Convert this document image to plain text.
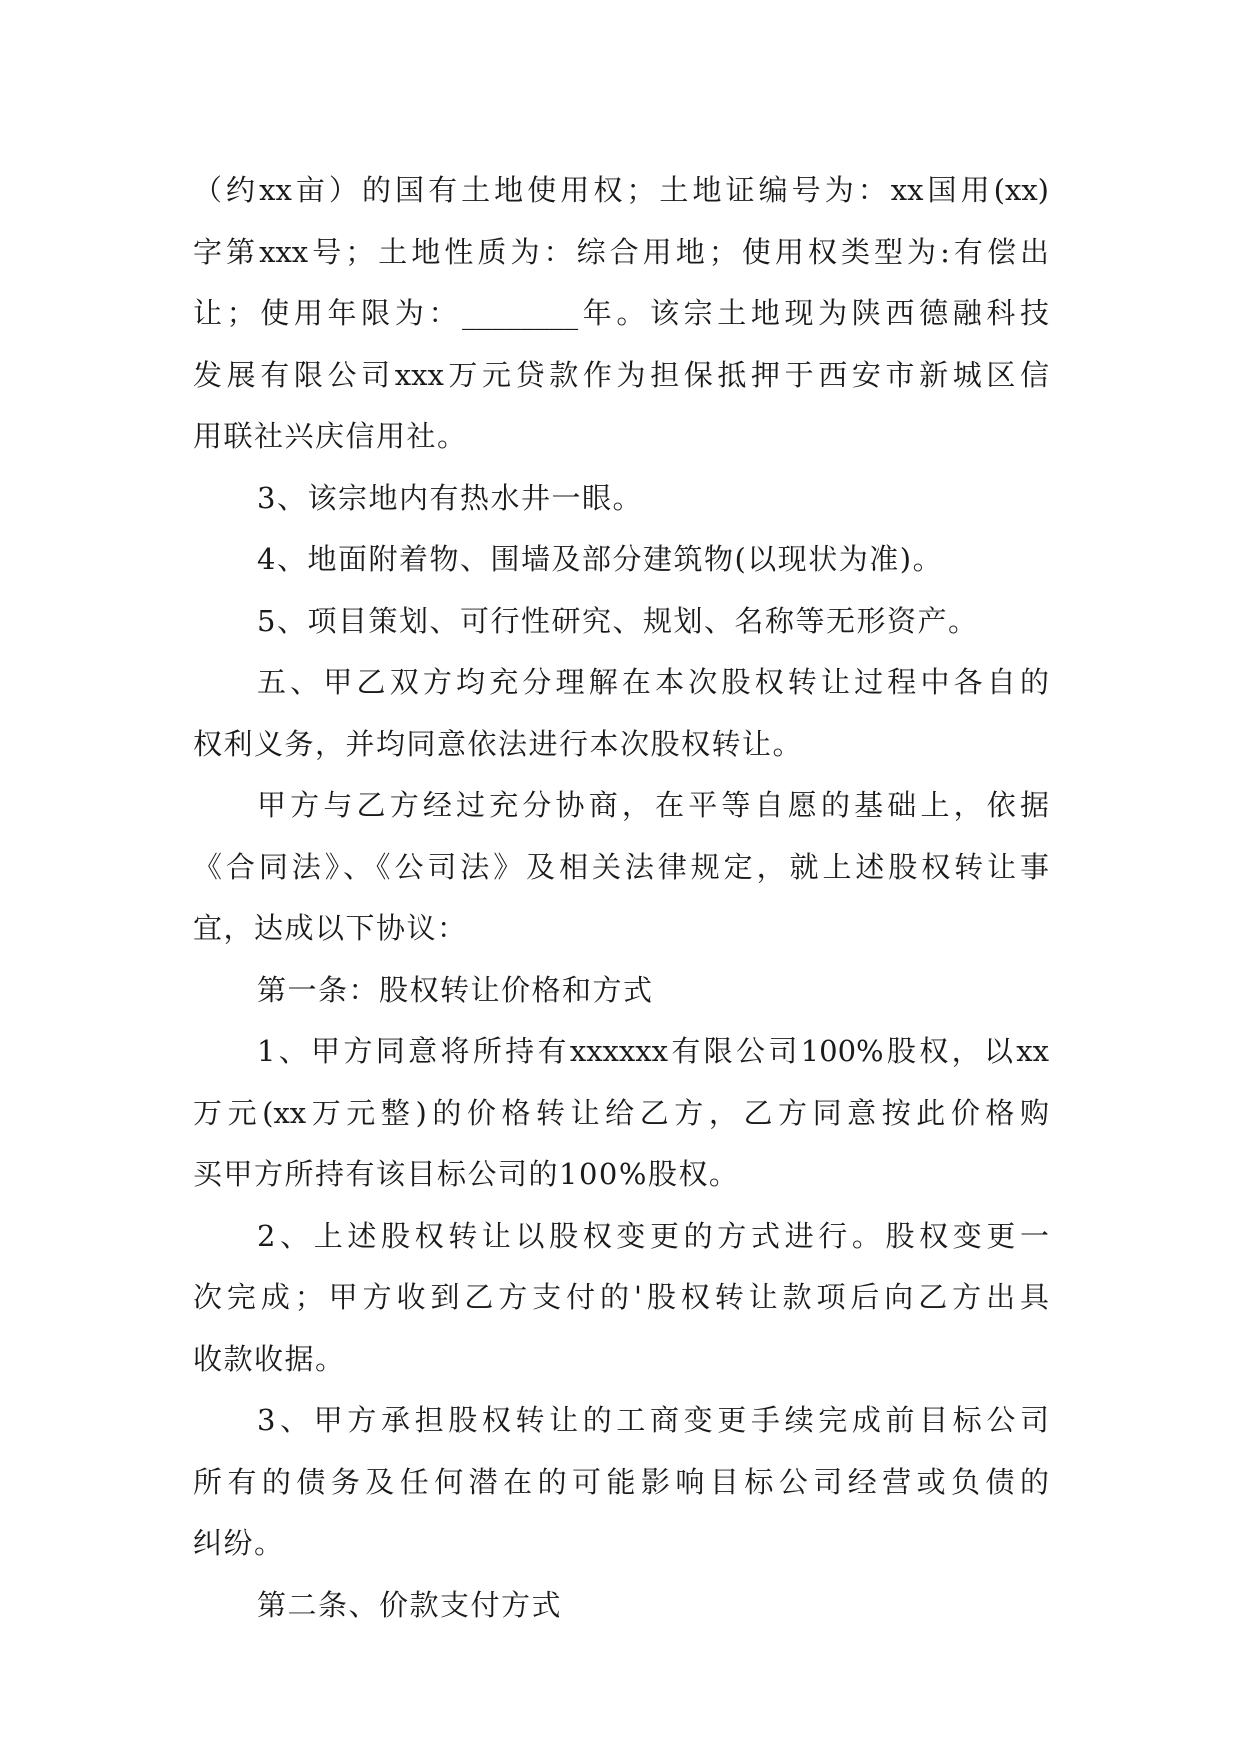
（约xx亩）的国有土地使用权；土地证编号为：xx国用(xx)
字第xxx号；土地性质为：综合用地；使用权类型为:有偿出
让；使用年限为：________年。该宗土地现为陕西德融科技
发展有限公司xxx万元贷款作为担保抵押于西安市新城区信
用联社兴庆信用社。
3、该宗地内有热水井一眼。
4、地面附着物、围墙及部分建筑物(以现状为准)。
5、项目策划、可行性研究、规划、名称等无形资产。
五、甲乙双方均充分理解在本次股权转让过程中各自的
权利义务，并均同意依法进行本次股权转让。
甲方与乙方经过充分协商，在平等自愿的基础上，依据
《合同法》、《公司法》及相关法律规定，就上述股权转让事
宜，达成以下协议：
第一条：股权转让价格和方式
1、甲方同意将所持有xxxxxx有限公司100%股权，以xx
万元(xx万元整)的价格转让给乙方，乙方同意按此价格购
买甲方所持有该目标公司的100%股权。
2、上述股权转让以股权变更的方式进行。股权变更一
次完成；甲方收到乙方支付的'股权转让款项后向乙方出具
收款收据。
3、甲方承担股权转让的工商变更手续完成前目标公司
所有的债务及任何潜在的可能影响目标公司经营或负债的
纠纷。
第二条、价款支付方式
